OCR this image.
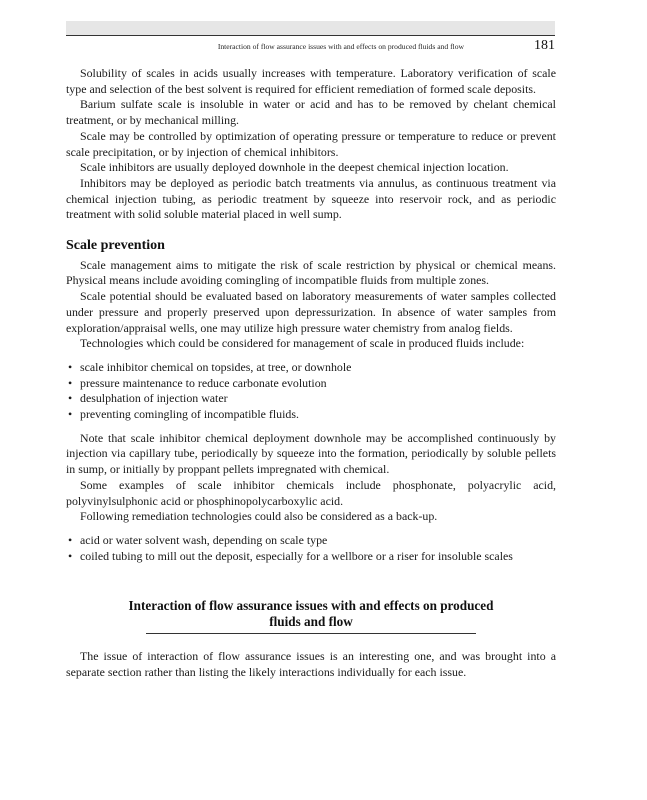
Interaction of flow assurance issues with and effects on produced fluids and flow	181

Solubility of scales in acids usually increases with temperature. Laboratory verification of scale type and selection of the best solvent is required for efficient remediation of formed scale deposits.

Barium sulfate scale is insoluble in water or acid and has to be removed by chelant chemical treatment, or by mechanical milling.

Scale may be controlled by optimization of operating pressure or temperature to reduce or prevent scale precipitation, or by injection of chemical inhibitors.

Scale inhibitors are usually deployed downhole in the deepest chemical injection location.

Inhibitors may be deployed as periodic batch treatments via annulus, as continuous treatment via chemical injection tubing, as periodic treatment by squeeze into reservoir rock, and as periodic treatment with solid soluble material placed in well sump.

Scale prevention

Scale management aims to mitigate the risk of scale restriction by physical or chemical means. Physical means include avoiding comingling of incompatible fluids from multiple zones.

Scale potential should be evaluated based on laboratory measurements of water samples collected under pressure and properly preserved upon depressurization. In absence of water samples from exploration/appraisal wells, one may utilize high pressure water chemistry from analog fields.

Technologies which could be considered for management of scale in produced fluids include:

• scale inhibitor chemical on topsides, at tree, or downhole
• pressure maintenance to reduce carbonate evolution
• desulphation of injection water
• preventing comingling of incompatible fluids.

Note that scale inhibitor chemical deployment downhole may be accomplished continuously by injection via capillary tube, periodically by squeeze into the formation, periodically by soluble pellets in sump, or initially by proppant pellets impregnated with chemical.

Some examples of scale inhibitor chemicals include phosphonate, polyacrylic acid, polyvinylsulphonic acid or phosphinopolycarboxylic acid.

Following remediation technologies could also be considered as a back-up.

• acid or water solvent wash, depending on scale type
• coiled tubing to mill out the deposit, especially for a wellbore or a riser for insoluble scales
Interaction of flow assurance issues with and effects on produced
fluids and flow

The issue of interaction of flow assurance issues is an interesting one, and was brought into a separate section rather than listing the likely interactions individually for each issue.
